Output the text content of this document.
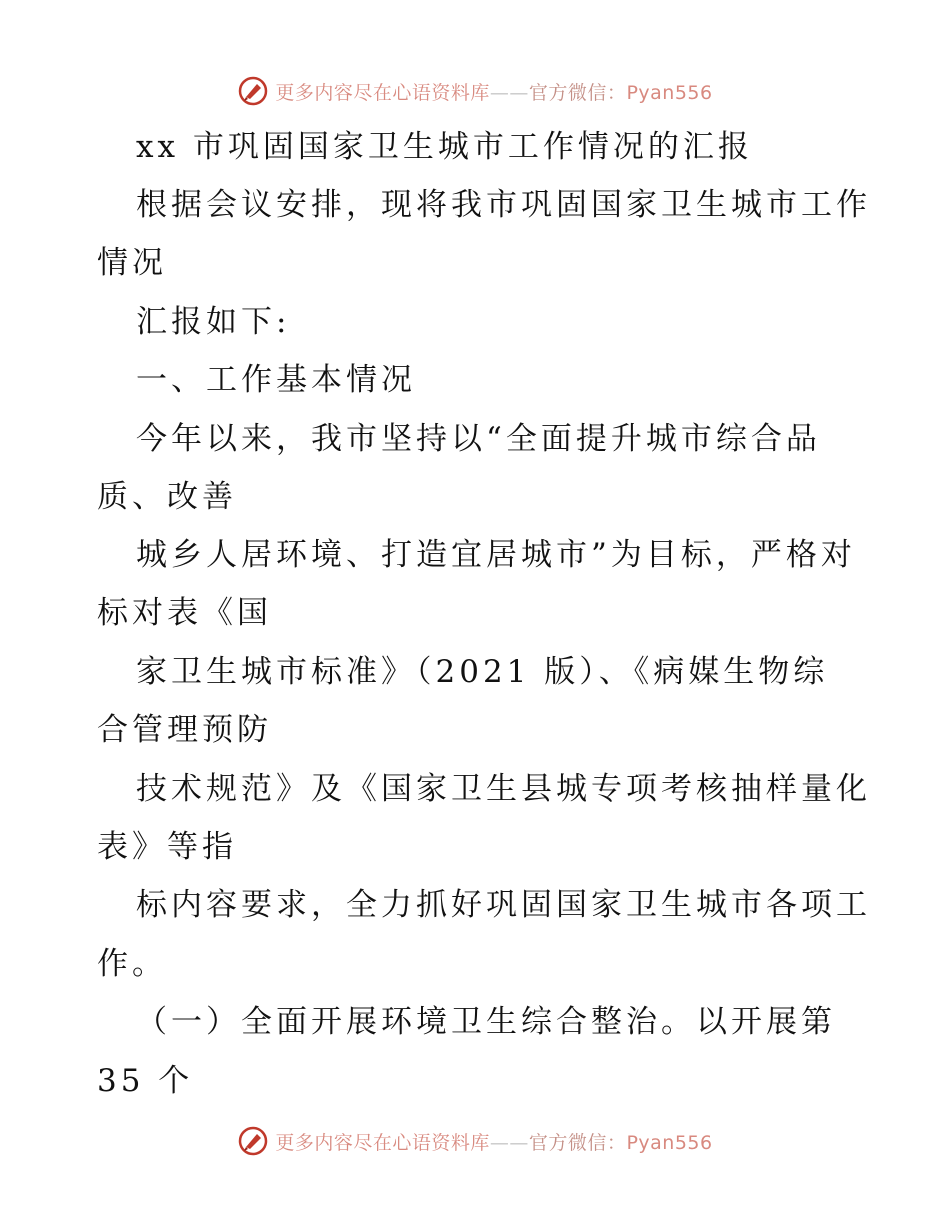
更多内容尽在心语资料库——官方微信：Pyan556
xx 市巩固国家卫生城市工作情况的汇报
根据会议安排，现将我市巩固国家卫生城市工作
情况
汇报如下:
一、工作基本情况
今年以来，我市坚持以“全面提升城市综合品
质、改善
城乡人居环境、打造宜居城市”为目标，严格对
标对表《国
家卫生城市标准》（2021 版）、《病媒生物综
合管理预防
技术规范》及《国家卫生县城专项考核抽样量化
表》等指
标内容要求，全力抓好巩固国家卫生城市各项工
作。
（一）全面开展环境卫生综合整治。以开展第
35 个
更多内容尽在心语资料库——官方微信：Pyan556
